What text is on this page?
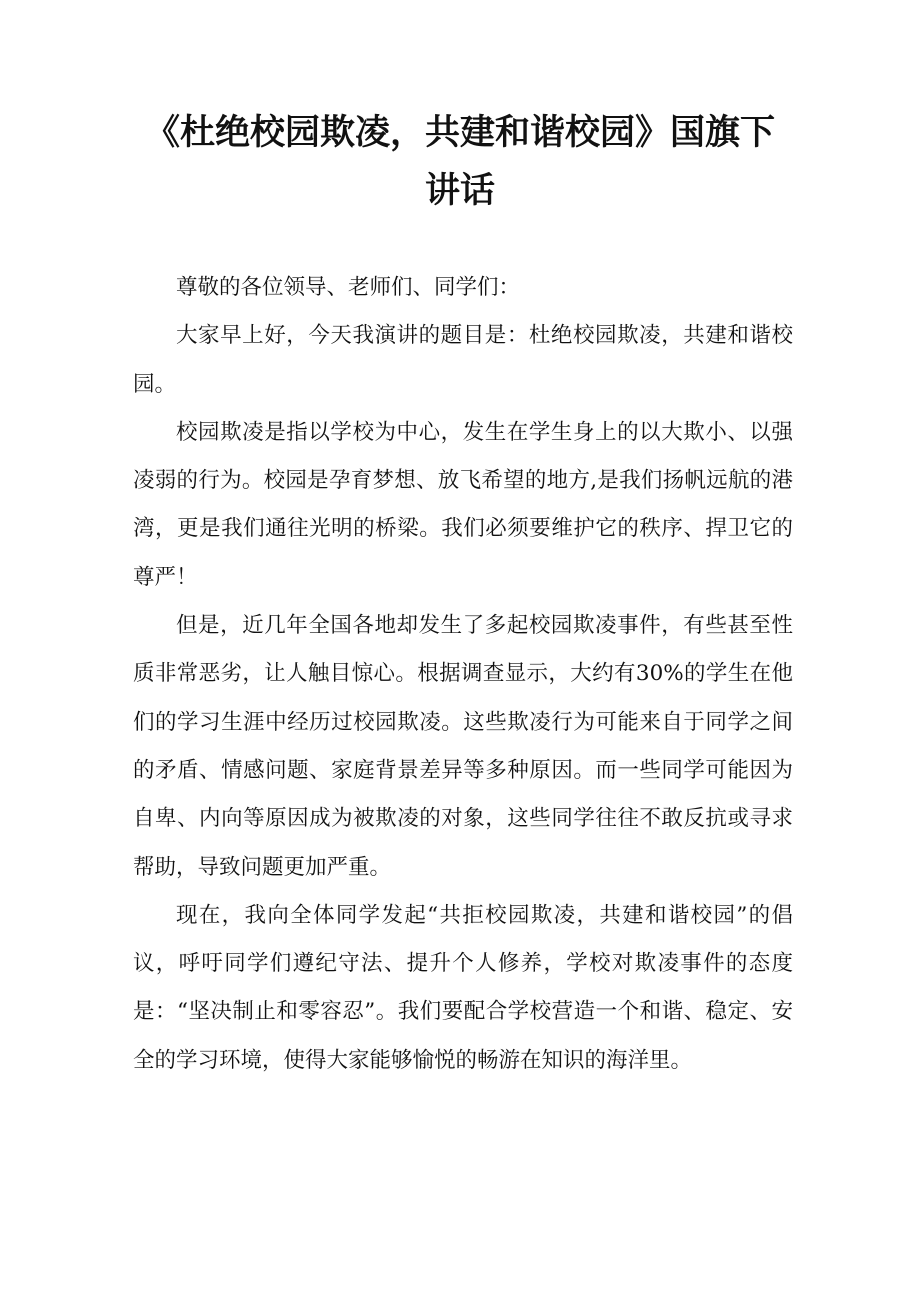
《杜绝校园欺凌，共建和谐校园》国旗下
讲话

尊敬的各位领导、老师们、同学们：

大家早上好，今天我演讲的题目是：杜绝校园欺凌，共建和谐校园。

校园欺凌是指以学校为中心，发生在学生身上的以大欺小、以强凌弱的行为。校园是孕育梦想、放飞希望的地方,是我们扬帆远航的港湾，更是我们通往光明的桥梁。我们必须要维护它的秩序、捍卫它的尊严！

但是，近几年全国各地却发生了多起校园欺凌事件，有些甚至性质非常恶劣，让人触目惊心。根据调查显示，大约有30%的学生在他们的学习生涯中经历过校园欺凌。这些欺凌行为可能来自于同学之间的矛盾、情感问题、家庭背景差异等多种原因。而一些同学可能因为自卑、内向等原因成为被欺凌的对象，这些同学往往不敢反抗或寻求帮助，导致问题更加严重。

现在，我向全体同学发起“共拒校园欺凌，共建和谐校园”的倡议，呼吁同学们遵纪守法、提升个人修养，学校对欺凌事件的态度是：“坚决制止和零容忍”。我们要配合学校营造一个和谐、稳定、安全的学习环境，使得大家能够愉悦的畅游在知识的海洋里。
